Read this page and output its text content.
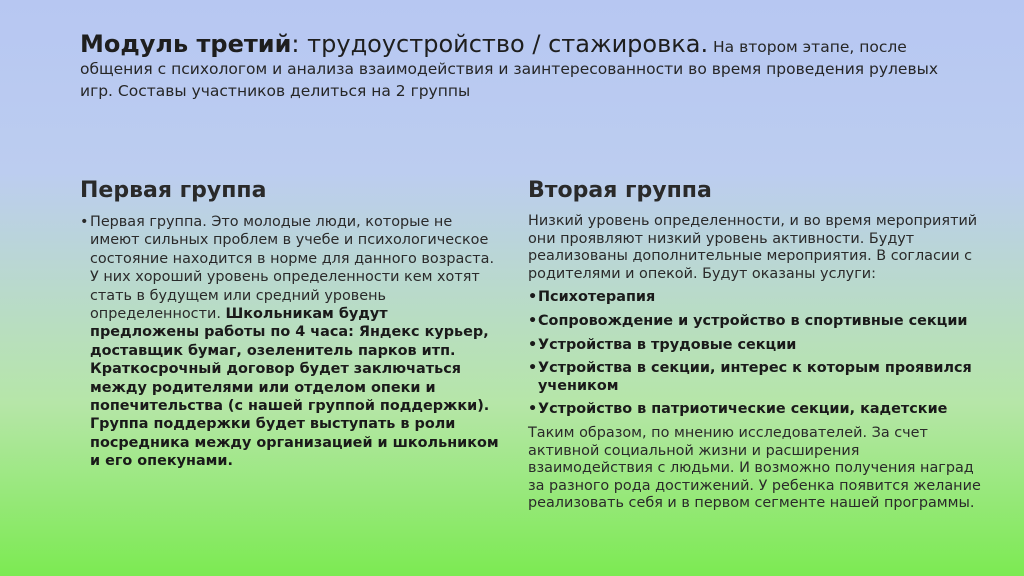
Модуль третий: трудоустройство / стажировка. На втором этапе, после общения с психологом и анализа взаимодействия и заинтересованности во время проведения рулевых игр. Составы участников делиться на 2 группы
Первая группа
• Первая группа. Это молодые люди, которые не имеют сильных проблем в учебе и психологическое состояние находится в норме для данного возраста. У них хороший уровень определенности кем хотят стать в будущем или средний уровень определенности. Школьникам будут предложены работы по 4 часа: Яндекс курьер, доставщик бумаг, озеленитель парков итп. Краткосрочный договор будет заключаться между родителями или отделом опеки и попечительства (с нашей группой поддержки). Группа поддержки будет выступать в роли посредника между организацией и школьником и его опекунами.
Вторая группа

Низкий уровень определенности, и во время мероприятий они проявляют низкий уровень активности. Будут реализованы дополнительные мероприятия. В согласии с родителями и опекой. Будут оказаны услуги:

• Психотерапия
• Сопровождение и устройство в спортивные секции
• Устройства в трудовые секции
• Устройства в секции, интерес к которым проявился учеником
• Устройство в патриотические секции, кадетские

Таким образом, по мнению исследователей. За счет активной социальной жизни и расширения взаимодействия с людьми. И возможно получения наград за разного рода достижений. У ребенка появится желание реализовать себя и в первом сегменте нашей программы.
